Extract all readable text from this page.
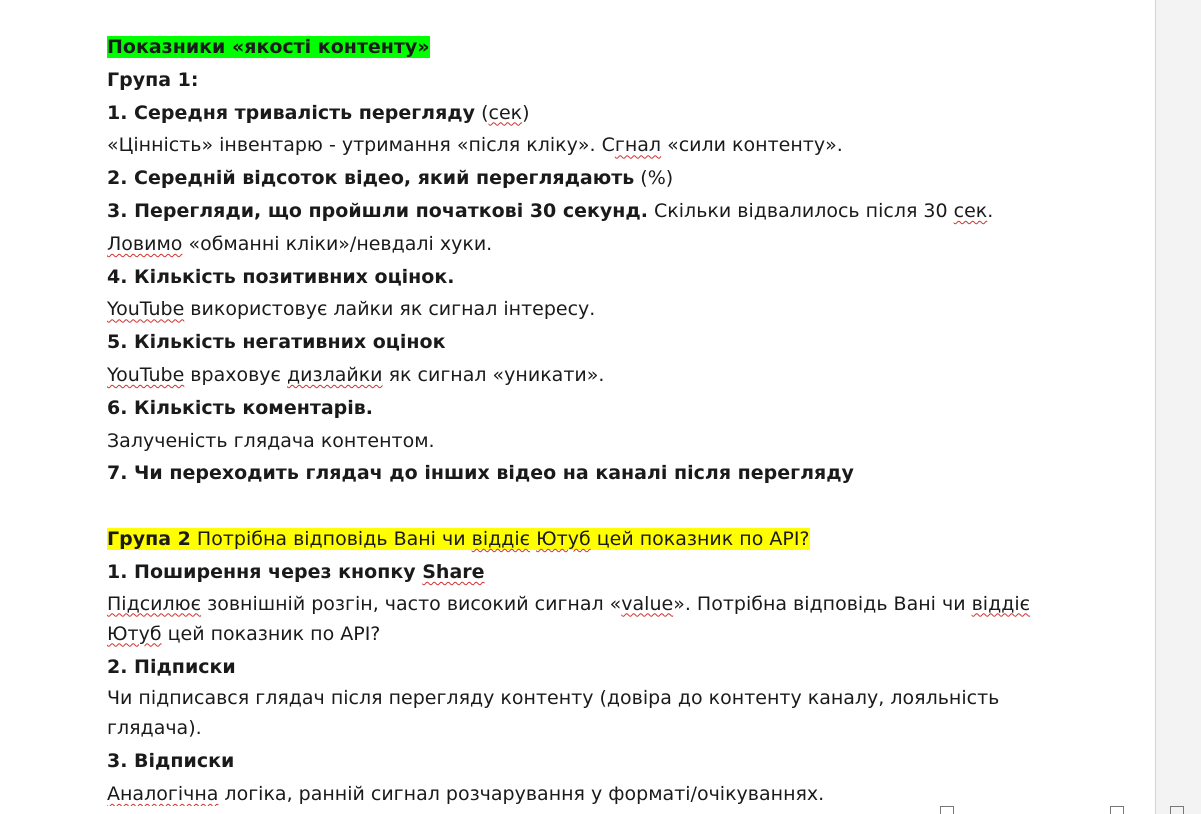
Показники «якості контенту»

Група 1:

1. Середня тривалість перегляду (сек)

«Цінність» інвентарю - утримання «після кліку». Сгнал «сили контенту».

2. Середній відсоток відео, який переглядають (%)

3. Перегляди, що пройшли початкові 30 секунд. Скільки відвалилось після 30 сек.

Ловимо «обманні кліки»/невдалі хуки.

4. Кількість позитивних оцінок.

YouTube використовує лайки як сигнал інтересу.

5. Кількість негативних оцінок

YouTube враховує дизлайки як сигнал «уникати».

6. Кількість коментарів.

Залученість глядача контентом.

7. Чи переходить глядач до інших відео на каналі після перегляду

Група 2 Потрібна відповідь Вані чи віддіє Ютуб цей показник по API?

1. Поширення через кнопку Share

Підсилює зовнішній розгін, часто високий сигнал «value». Потрібна відповідь Вані чи віддіє Ютуб цей показник по API?

2. Підписки

Чи підписався глядач після перегляду контенту (довіра до контенту каналу, лояльність глядача).

3. Відписки

Аналогічна логіка, ранній сигнал розчарування у форматі/очікуваннях.
